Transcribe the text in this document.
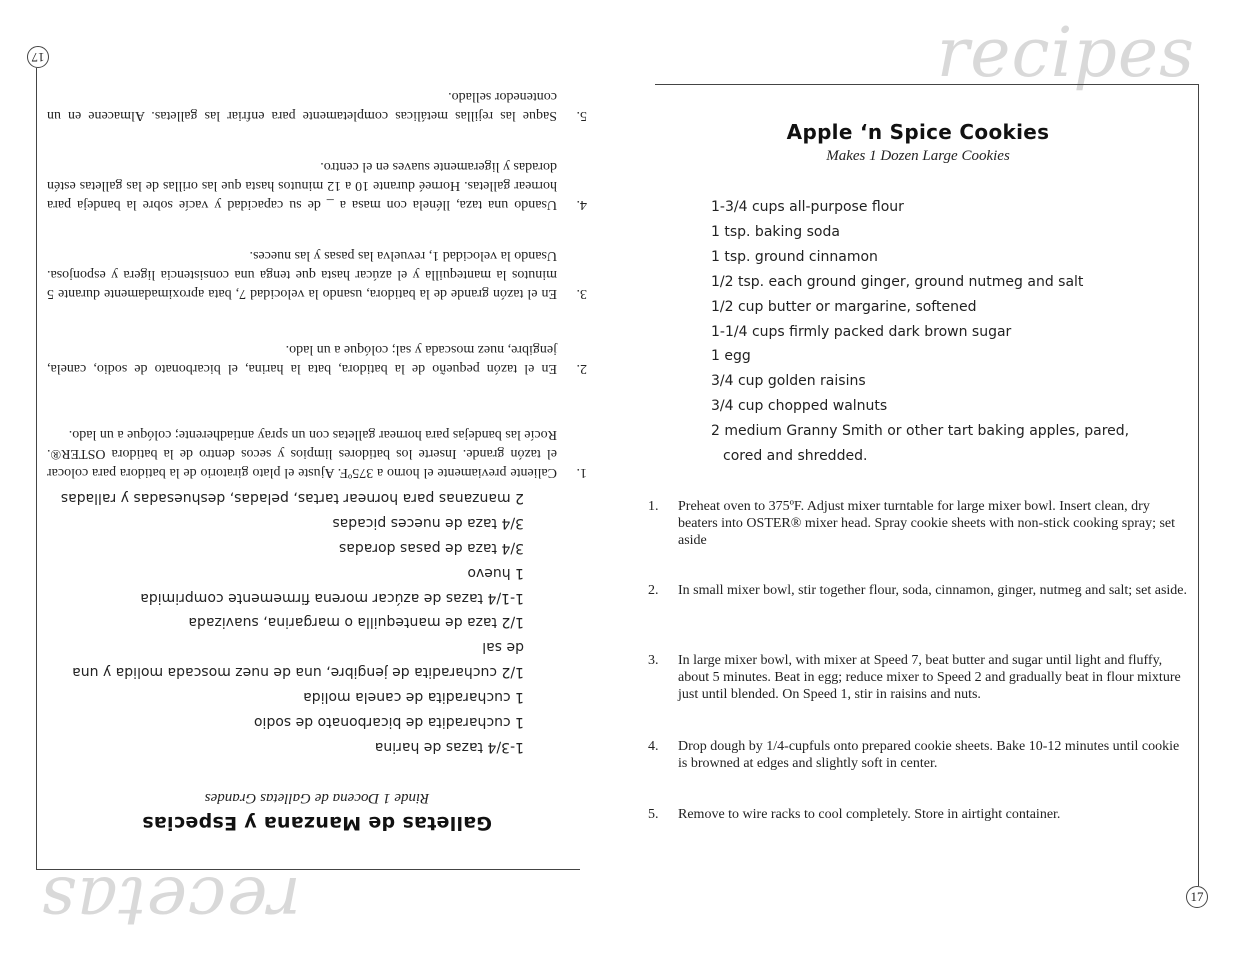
recetas
17
Galletas de Manzana y Especias
Rinde 1 Docena de Galletas Grandes
1-3/4 tazas de harina
1 cucharadita de bicarbonato de sodio
1 cucharadita de canela molida
1/2 cucharadita de jengibre, una de nuez moscada molida y una de sal
1/2 taza de mantequilla o margarina, suavizada
1-1/4 tazas de azúcar morena firmemente comprimida
1 huevo
3/4 taza de pasas doradas
3/4 taza de nueces picadas
2 manzanas para hornear tartas, peladas, deshuesadas y ralladas
1.
Caliente previamente el horno a 375ºF. Ajuste el plato giratorio de la batidora para colocar el tazón grande. Inserte los batidores limpios y secos dentro de la batidora OSTER®. Rocíe las bandejas para hornear galletas con un spray antiadherente; colóque a un lado.
2.
En el tazón pequeño de la batidora, bata la harina, el bicarbonato de sodio, canela, jengibre, nuez moscada y sal; colóque a un lado.
3.
En el tazón grande de la batidora, usando la velocidad 7, bata aproximadamente durante 5 minutos la mantequilla y el azúcar hasta que tenga una consistencia ligera y esponjosa. Usando la velocidad 1, revuelva las pasas y las nueces.
4.
Usando una taza, llénela con masa a _ de su capacidad y vacíe sobre la bandeja para hornear galletas. Horneé durante 10 a 12 minutos hasta que las orillas de las galletas estén doradas y ligeramente suaves en el centro.
5.
Saque las rejillas metálicas completamente para enfriar las galletas. Almacene en un contenedor sellado.
recipes
17
Apple ‘n Spice Cookies
Makes 1 Dozen Large Cookies
1-3/4 cups all-purpose flour
1 tsp. baking soda
1 tsp. ground cinnamon
1/2 tsp. each ground ginger, ground nutmeg and salt
1/2 cup butter or margarine, softened
1-1/4 cups firmly packed dark brown sugar
1 egg
3/4 cup golden raisins
3/4 cup chopped walnuts
2 medium Granny Smith or other tart baking apples, pared,
cored and shredded.
1.	Preheat oven to 375ºF. Adjust mixer turntable for large mixer bowl. Insert clean, dry beaters into OSTER® mixer head. Spray cookie sheets with non-stick cooking spray; set aside
2.	In small mixer bowl, stir together flour, soda, cinnamon, ginger, nutmeg and salt; set aside.
3.	In large mixer bowl, with mixer at Speed 7, beat butter and sugar until light and fluffy, about 5 minutes. Beat in egg; reduce mixer to Speed 2 and gradually beat in flour mixture just until blended. On Speed 1, stir in raisins and nuts.
4.	Drop dough by 1/4-cupfuls onto prepared cookie sheets. Bake 10-12 minutes until cookie is browned at edges and slightly soft in center.
5.	Remove to wire racks to cool completely. Store in airtight container.
